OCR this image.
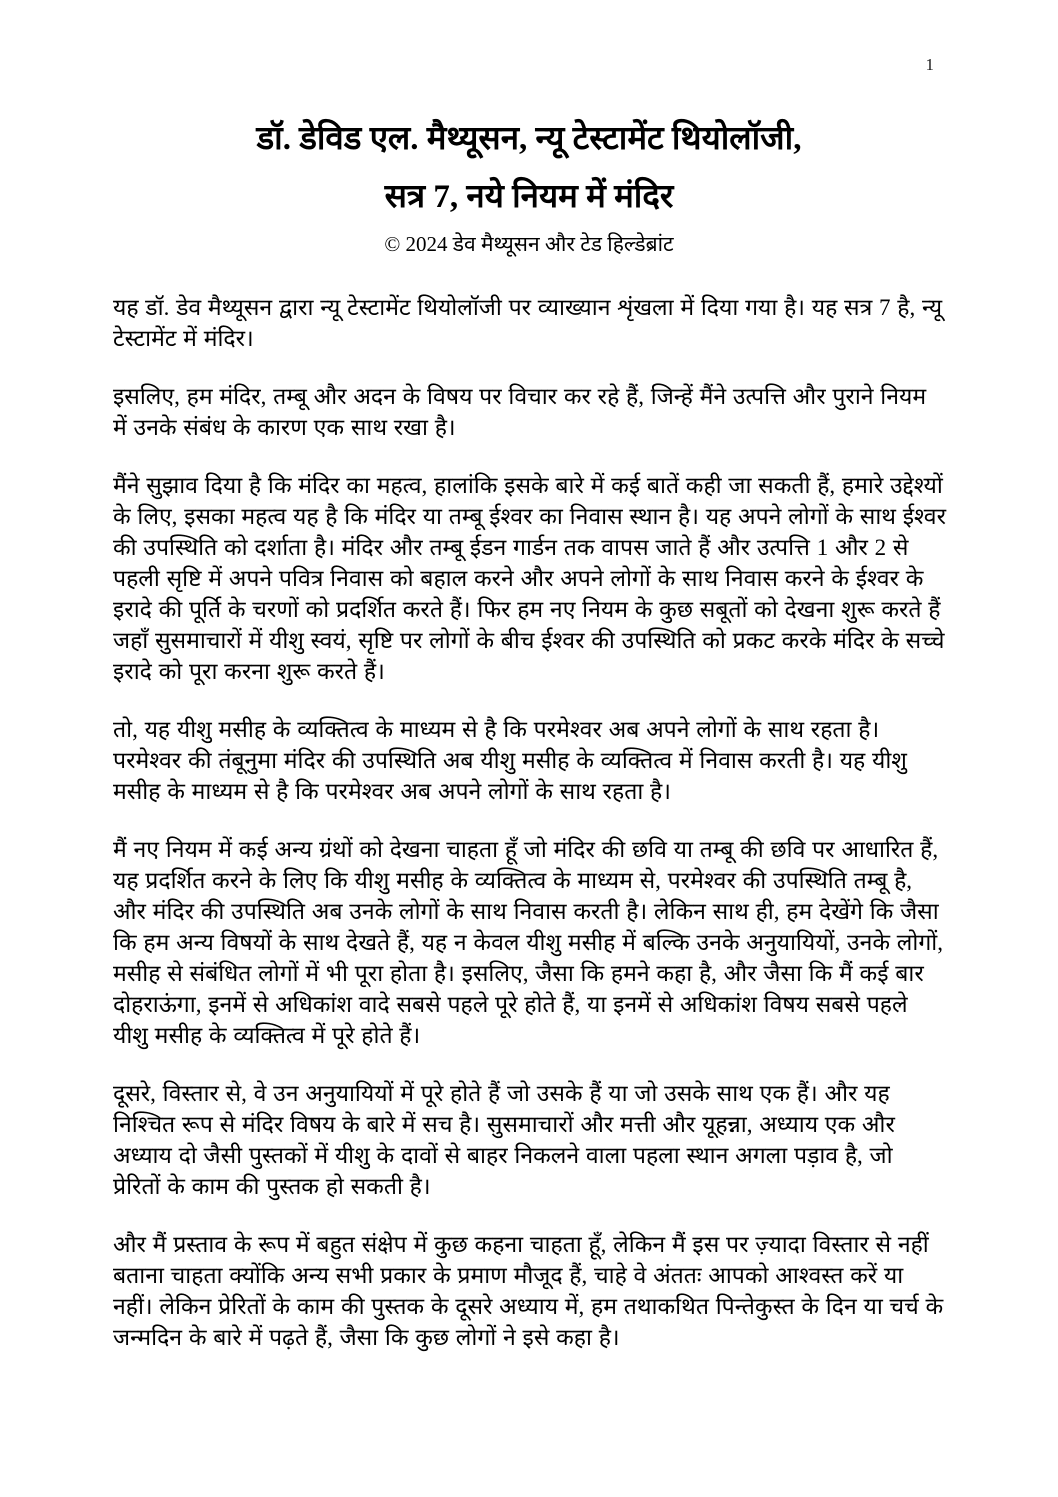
1
डॉ. डेविड एल. मैथ्यूसन, न्यू टेस्टामेंट थियोलॉजी,
सत्र 7, नये नियम में मंदिर
© 2024 डेव मैथ्यूसन और टेड हिल्डेब्रांट

यह डॉ. डेव मैथ्यूसन द्वारा न्यू टेस्टामेंट थियोलॉजी पर व्याख्यान शृंखला में दिया गया है। यह सत्र 7 है, न्यू टेस्टामेंट में मंदिर।

इसलिए, हम मंदिर, तम्बू और अदन के विषय पर विचार कर रहे हैं, जिन्हें मैंने उत्पत्ति और पुराने नियम में उनके संबंध के कारण एक साथ रखा है।

मैंने सुझाव दिया है कि मंदिर का महत्व, हालांकि इसके बारे में कई बातें कही जा सकती हैं, हमारे उद्देश्यों के लिए, इसका महत्व यह है कि मंदिर या तम्बू ईश्वर का निवास स्थान है। यह अपने लोगों के साथ ईश्वर की उपस्थिति को दर्शाता है। मंदिर और तम्बू ईडन गार्डन तक वापस जाते हैं और उत्पत्ति 1 और 2 से पहली सृष्टि में अपने पवित्र निवास को बहाल करने और अपने लोगों के साथ निवास करने के ईश्वर के इरादे की पूर्ति के चरणों को प्रदर्शित करते हैं। फिर हम नए नियम के कुछ सबूतों को देखना शुरू करते हैं जहाँ सुसमाचारों में यीशु स्वयं, सृष्टि पर लोगों के बीच ईश्वर की उपस्थिति को प्रकट करके मंदिर के सच्चे इरादे को पूरा करना शुरू करते हैं।

तो, यह यीशु मसीह के व्यक्तित्व के माध्यम से है कि परमेश्वर अब अपने लोगों के साथ रहता है। परमेश्वर की तंबूनुमा मंदिर की उपस्थिति अब यीशु मसीह के व्यक्तित्व में निवास करती है। यह यीशु मसीह के माध्यम से है कि परमेश्वर अब अपने लोगों के साथ रहता है।

मैं नए नियम में कई अन्य ग्रंथों को देखना चाहता हूँ जो मंदिर की छवि या तम्बू की छवि पर आधारित हैं, यह प्रदर्शित करने के लिए कि यीशु मसीह के व्यक्तित्व के माध्यम से, परमेश्वर की उपस्थिति तम्बू है, और मंदिर की उपस्थिति अब उनके लोगों के साथ निवास करती है। लेकिन साथ ही, हम देखेंगे कि जैसा कि हम अन्य विषयों के साथ देखते हैं, यह न केवल यीशु मसीह में बल्कि उनके अनुयायियों, उनके लोगों, मसीह से संबंधित लोगों में भी पूरा होता है। इसलिए, जैसा कि हमने कहा है, और जैसा कि मैं कई बार दोहराऊंगा, इनमें से अधिकांश वादे सबसे पहले पूरे होते हैं, या इनमें से अधिकांश विषय सबसे पहले यीशु मसीह के व्यक्तित्व में पूरे होते हैं।

दूसरे, विस्तार से, वे उन अनुयायियों में पूरे होते हैं जो उसके हैं या जो उसके साथ एक हैं। और यह निश्चित रूप से मंदिर विषय के बारे में सच है। सुसमाचारों और मत्ती और यूहन्ना, अध्याय एक और अध्याय दो जैसी पुस्तकों में यीशु के दावों से बाहर निकलने वाला पहला स्थान अगला पड़ाव है, जो प्रेरितों के काम की पुस्तक हो सकती है।

और मैं प्रस्ताव के रूप में बहुत संक्षेप में कुछ कहना चाहता हूँ, लेकिन मैं इस पर ज़्यादा विस्तार से नहीं बताना चाहता क्योंकि अन्य सभी प्रकार के प्रमाण मौजूद हैं, चाहे वे अंततः आपको आश्वस्त करें या नहीं। लेकिन प्रेरितों के काम की पुस्तक के दूसरे अध्याय में, हम तथाकथित पिन्तेकुस्त के दिन या चर्च के जन्मदिन के बारे में पढ़ते हैं, जैसा कि कुछ लोगों ने इसे कहा है।
